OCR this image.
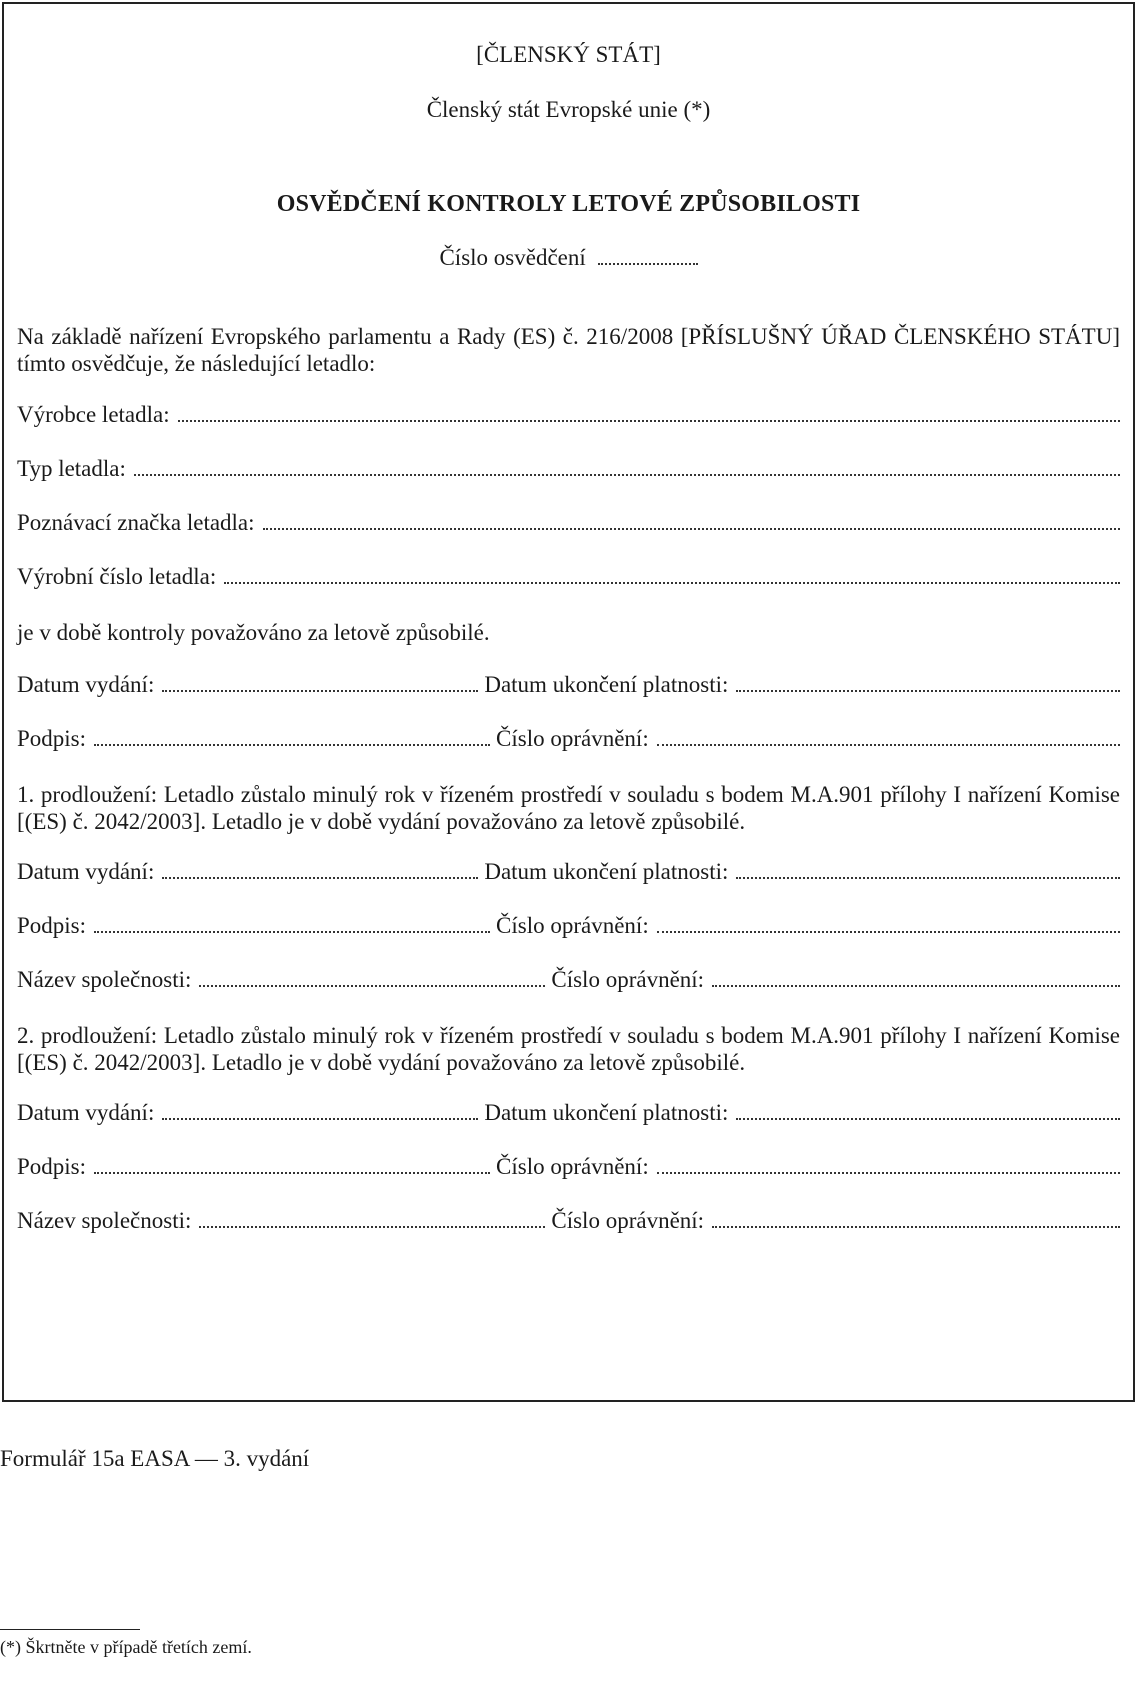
[ČLENSKÝ STÁT]
Členský stát Evropské unie (*)
OSVĚDČENÍ KONTROLY LETOVÉ ZPŮSOBILOSTI
Číslo osvědčení
Na základě nařízení Evropského parlamentu a Rady (ES) č. 216/2008 [PŘÍSLUŠNÝ ÚŘAD ČLENSKÉHO STÁTU] tímto osvědčuje, že následující letadlo:
Výrobce letadla:
Typ letadla:
Poznávací značka letadla:
Výrobní číslo letadla:
je v době kontroly považováno za letově způsobilé.
Datum vydání:	Datum ukončení platnosti:
Podpis:	Číslo oprávnění:
1. prodloužení: Letadlo zůstalo minulý rok v řízeném prostředí v souladu s bodem M.A.901 přílohy I nařízení Komise [(ES) č. 2042/2003]. Letadlo je v době vydání považováno za letově způsobilé.
Datum vydání:	Datum ukončení platnosti:
Podpis:	Číslo oprávnění:
Název společnosti:	Číslo oprávnění:
2. prodloužení: Letadlo zůstalo minulý rok v řízeném prostředí v souladu s bodem M.A.901 přílohy I nařízení Komise [(ES) č. 2042/2003]. Letadlo je v době vydání považováno za letově způsobilé.
Datum vydání:	Datum ukončení platnosti:
Podpis:	Číslo oprávnění:
Název společnosti:	Číslo oprávnění:
Formulář 15a EASA — 3. vydání
(*) Škrtněte v případě třetích zemí.
